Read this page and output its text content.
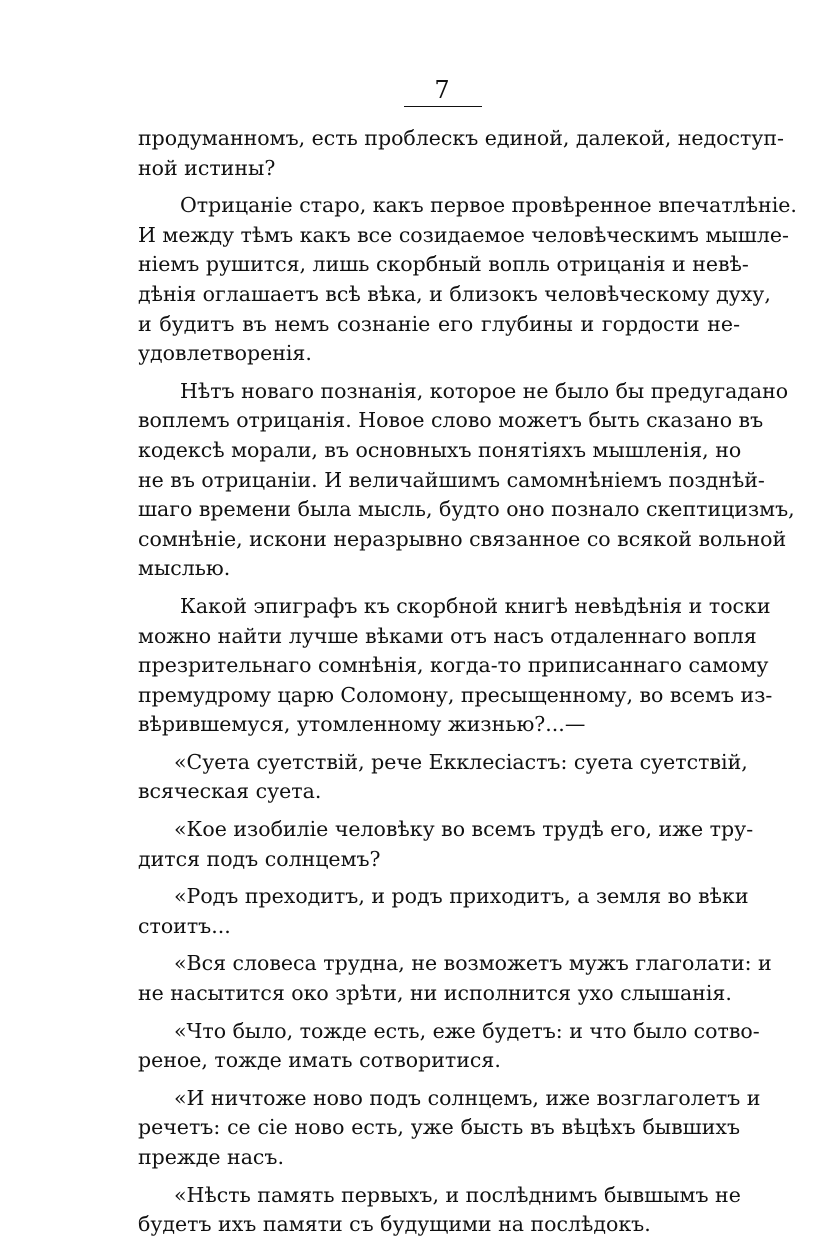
7

продуманномъ, есть проблескъ единой, далекой, недоступ-
ной истины?
Отрицаніе старо, какъ первое провѣренное впечатлѣніе.
И между тѣмъ какъ все созидаемое человѣческимъ мышле-
ніемъ рушится, лишь скорбный вопль отрицанія и невѣ-
дѣнія оглашаетъ всѣ вѣка, и близокъ человѣческому духу,
и будитъ въ немъ сознаніе его глубины и гордости не-
удовлетворенія.
Нѣтъ новаго познанія, которое не было бы предугадано
воплемъ отрицанія. Новое слово можетъ быть сказано въ
кодексѣ морали, въ основныхъ понятіяхъ мышленія, но
не въ отрицаніи. И величайшимъ самомнѣніемъ позднѣй-
шаго времени была мысль, будто оно познало скептицизмъ,
сомнѣніе, искони неразрывно связанное со всякой вольной
мыслью.
Какой эпиграфъ къ скорбной книгѣ невѣдѣнія и тоски
можно найти лучше вѣками отъ насъ отдаленнаго вопля
презрительнаго сомнѣнія, когда-то приписаннаго самому
премудрому царю Соломону, пресыщенному, во всемъ из-
вѣрившемуся, утомленному жизнью?...—
«Суета суетствій, рече Екклесіастъ: суета суетствій,
всяческая суета.
«Кое изобиліе человѣку во всемъ трудѣ его, иже тру-
дится подъ солнцемъ?
«Родъ преходитъ, и родъ приходитъ, а земля во вѣки
стоитъ...
«Вся словеса трудна, не возможетъ мужъ глаголати: и
не насытится око зрѣти, ни исполнится ухо слышанія.
«Что было, тожде есть, еже будетъ: и что было сотво-
реное, тожде имать сотворитися.
«И ничтоже ново подъ солнцемъ, иже возглаголетъ и
речетъ: се сіе ново есть, уже бысть въ вѣцѣхъ бывшихъ
прежде насъ.
«Нѣсть память первыхъ, и послѣднимъ бывшымъ не
будетъ ихъ памяти съ будущими на послѣдокъ.
